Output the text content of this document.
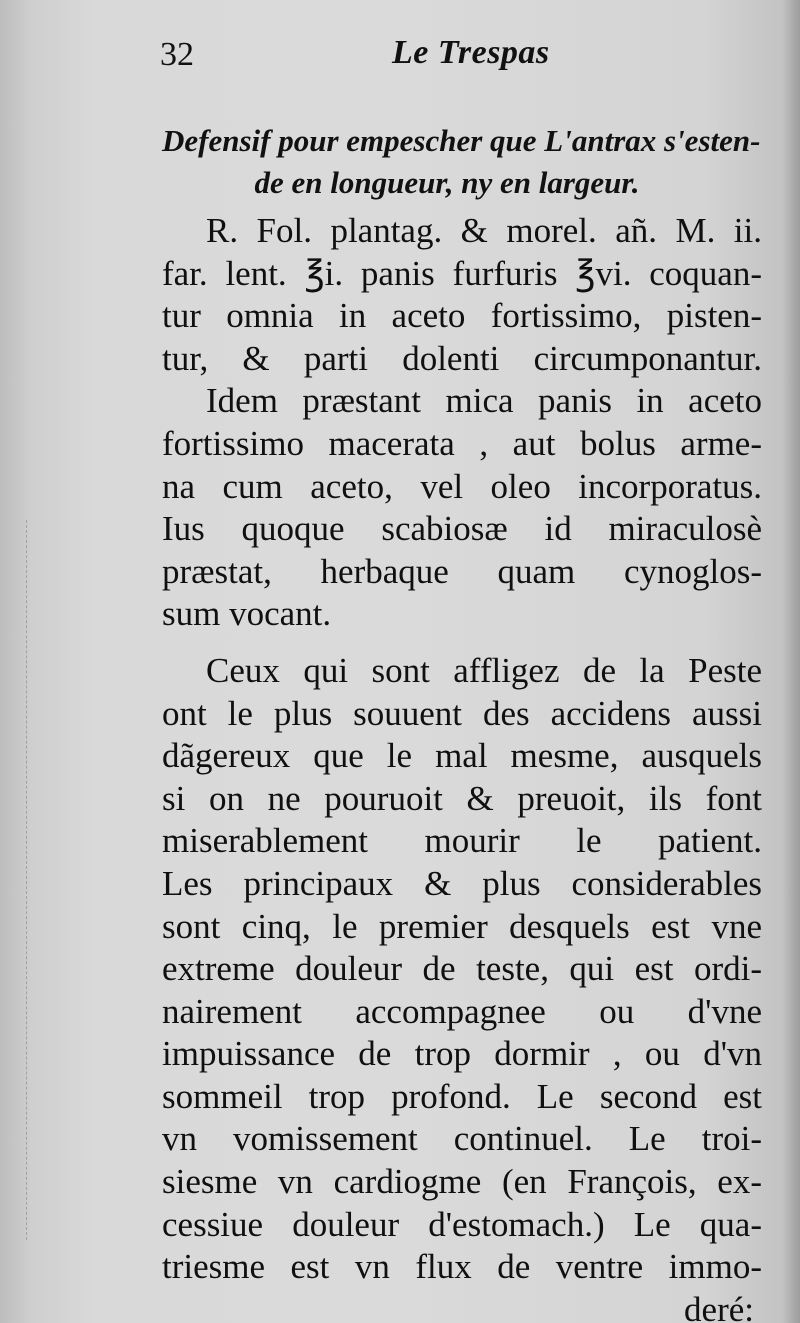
32	Le Trespas
Defensif pour empescher que L'antrax s'esten-
de en longueur, ny en largeur.
R. Fol. plantag. & morel. añ. M. ii.
far. lent. ℥i. panis furfuris ℥vi. coquan-
tur omnia in aceto fortissimo, pisten-
tur, & parti dolenti circumponantur.
Idem præstant mica panis in aceto
fortissimo macerata , aut bolus arme-
na cum aceto, vel oleo incorporatus.
Ius quoque scabiosæ id miraculosè
præstat, herbaque quam cynoglos-
sum vocant.
Ceux qui sont affligez de la Peste
ont le plus souuent des accidens aussi
dãgereux que le mal mesme, ausquels
si on ne pouruoit & preuoit, ils font
miserablement mourir le patient.
Les principaux & plus considerables
sont cinq, le premier desquels est vne
extreme douleur de teste, qui est ordi-
nairement accompagnee ou d'vne
impuissance de trop dormir , ou d'vn
sommeil trop profond. Le second est
vn vomissement continuel. Le troi-
siesme vn cardiogme (en François, ex-
cessiue douleur d'estomach.) Le qua-
triesme est vn flux de ventre immo-
deré:
